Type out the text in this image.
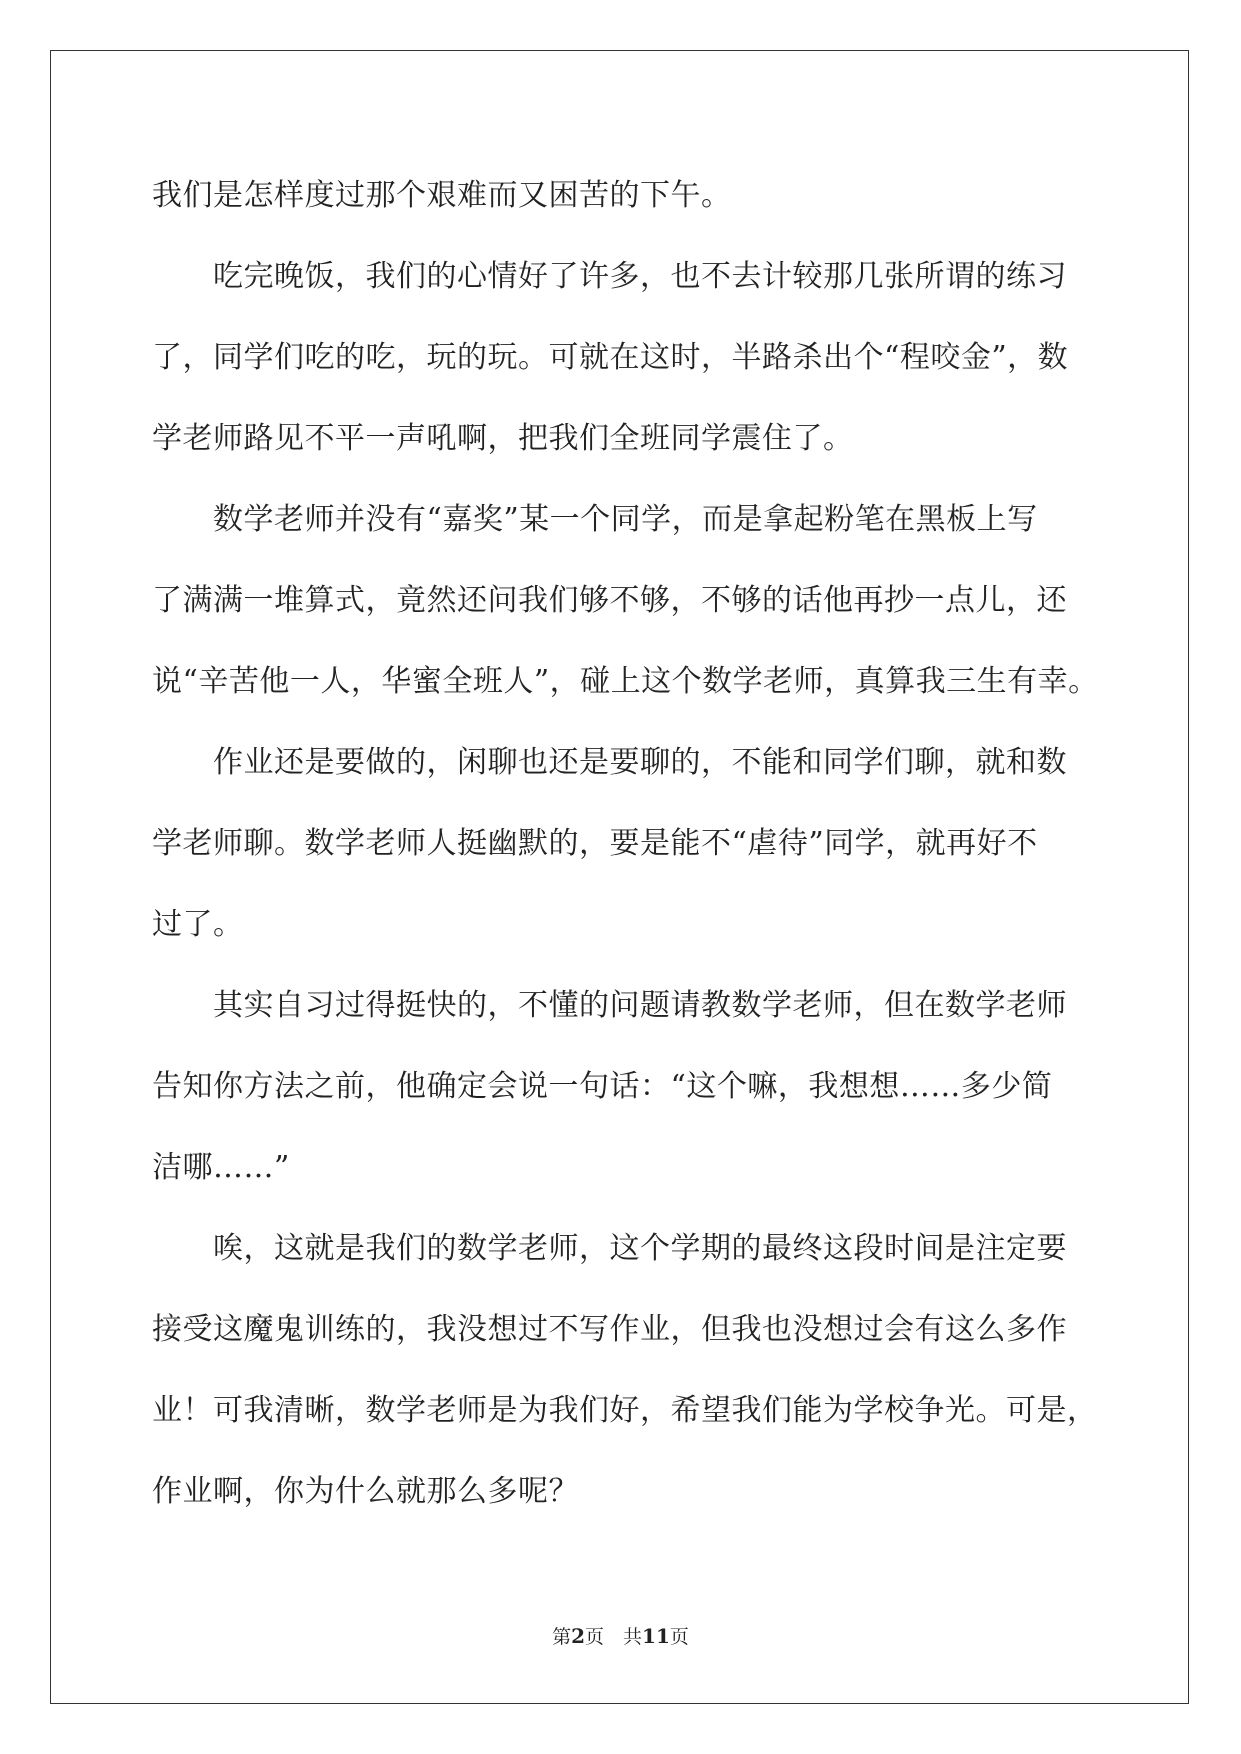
我们是怎样度过那个艰难而又困苦的下午。
　　吃完晚饭，我们的心情好了许多，也不去计较那几张所谓的练习
了，同学们吃的吃，玩的玩。可就在这时，半路杀出个“程咬金”，数
学老师路见不平一声吼啊，把我们全班同学震住了。
　　数学老师并没有“嘉奖”某一个同学，而是拿起粉笔在黑板上写
了满满一堆算式，竟然还问我们够不够，不够的话他再抄一点儿，还
说“辛苦他一人，华蜜全班人”，碰上这个数学老师，真算我三生有幸。
　　作业还是要做的，闲聊也还是要聊的，不能和同学们聊，就和数
学老师聊。数学老师人挺幽默的，要是能不“虐待”同学，就再好不
过了。
　　其实自习过得挺快的，不懂的问题请教数学老师，但在数学老师
告知你方法之前，他确定会说一句话：“这个嘛，我想想……多少简
洁哪……”
　　唉，这就是我们的数学老师，这个学期的最终这段时间是注定要
接受这魔鬼训练的，我没想过不写作业，但我也没想过会有这么多作
业！可我清晰，数学老师是为我们好，希望我们能为学校争光。可是，
作业啊，你为什么就那么多呢？
第2页　共11页
